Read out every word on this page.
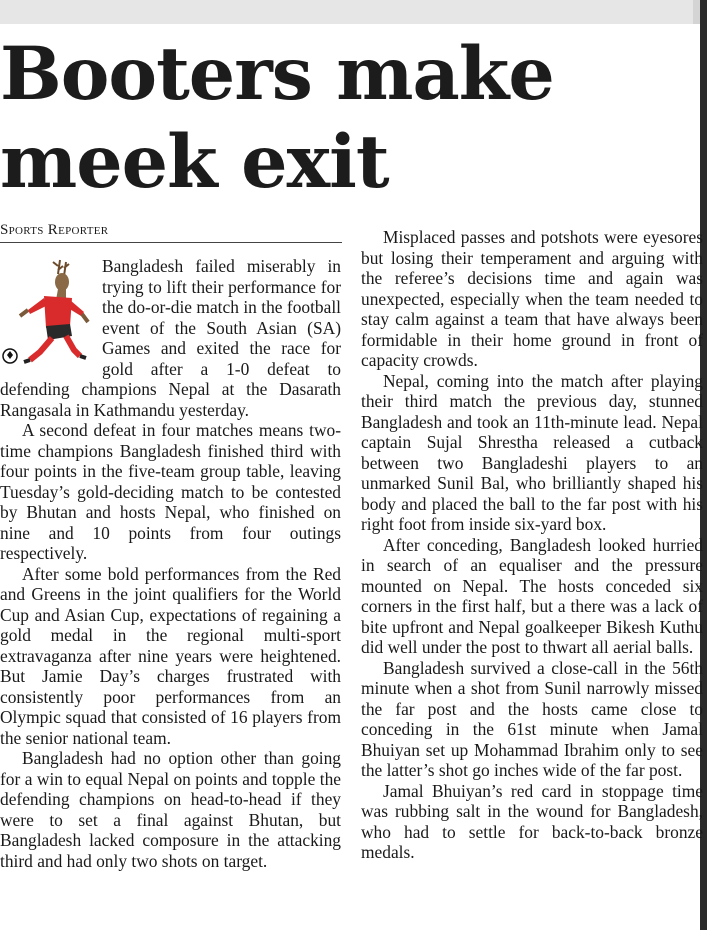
Booters make meek exit
Sports Reporter

Bangladesh failed miserably in trying to lift their performance for the do-or-die match in the football event of the South Asian (SA) Games and exited the race for gold after a 1-0 defeat to defending champions Nepal at the Dasarath Rangasala in Kathmandu yesterday.

A second defeat in four matches means two-time champions Bangladesh finished third with four points in the five-team group table, leaving Tuesday’s gold-deciding match to be contested by Bhutan and hosts Nepal, who finished on nine and 10 points from four outings respectively.

After some bold performances from the Red and Greens in the joint qualifiers for the World Cup and Asian Cup, expectations of regaining a gold medal in the regional multi-sport extravaganza after nine years were heightened. But Jamie Day’s charges frustrated with consistently poor performances from an Olympic squad that consisted of 16 players from the senior national team.

Bangladesh had no option other than going for a win to equal Nepal on points and topple the defending champions on head-to-head if they were to set a final against Bhutan, but Bangladesh lacked composure in the attacking third and had only two shots on target.

Misplaced passes and potshots were eyesores but losing their temperament and arguing with the referee’s decisions time and again was unexpected, especially when the team needed to stay calm against a team that have always been formidable in their home ground in front of capacity crowds.

Nepal, coming into the match after playing their third match the previous day, stunned Bangladesh and took an 11th-minute lead. Nepal captain Sujal Shrestha released a cutback between two Bangladeshi players to an unmarked Sunil Bal, who brilliantly shaped his body and placed the ball to the far post with his right foot from inside six-yard box.

After conceding, Bangladesh looked hurried in search of an equaliser and the pressure mounted on Nepal. The hosts conceded six corners in the first half, but a there was a lack of bite upfront and Nepal goalkeeper Bikesh Kuthu did well under the post to thwart all aerial balls.

Bangladesh survived a close-call in the 56th minute when a shot from Sunil narrowly missed the far post and the hosts came close to conceding in the 61st minute when Jamal Bhuiyan set up Mohammad Ibrahim only to see the latter’s shot go inches wide of the far post.

Jamal Bhuiyan’s red card in stoppage time was rubbing salt in the wound for Bangladesh, who had to settle for back-to-back bronze medals.
